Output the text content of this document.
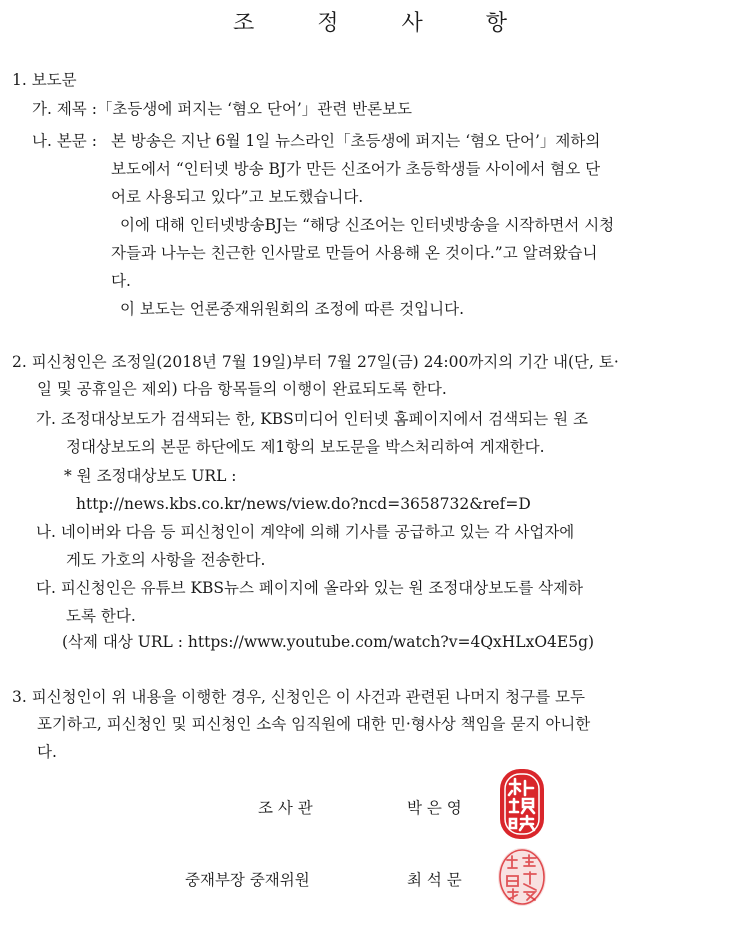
조 정 사 항
1. 보도문
가. 제목 :「초등생에 퍼지는 ‘혐오 단어’」관련 반론보도
나. 본문 : 본 방송은 지난 6월 1일 뉴스라인「초등생에 퍼지는 ‘혐오 단어’」제하의
보도에서 “인터넷 방송 BJ가 만든 신조어가 초등학생들 사이에서 혐오 단
어로 사용되고 있다”고 보도했습니다.
이에 대해 인터넷방송BJ는 “해당 신조어는 인터넷방송을 시작하면서 시청
자들과 나누는 친근한 인사말로 만들어 사용해 온 것이다.”고 알려왔습니
다.
이 보도는 언론중재위원회의 조정에 따른 것입니다.
2. 피신청인은 조정일(2018년 7월 19일)부터 7월 27일(금) 24:00까지의 기간 내(단, 토·
일 및 공휴일은 제외) 다음 항목들의 이행이 완료되도록 한다.
가. 조정대상보도가 검색되는 한, KBS미디어 인터넷 홈페이지에서 검색되는 원 조
정대상보도의 본문 하단에도 제1항의 보도문을 박스처리하여 게재한다.
* 원 조정대상보도 URL :
http://news.kbs.co.kr/news/view.do?ncd=3658732&ref=D
나. 네이버와 다음 등 피신청인이 계약에 의해 기사를 공급하고 있는 각 사업자에
게도 가호의 사항을 전송한다.
다. 피신청인은 유튜브 KBS뉴스 페이지에 올라와 있는 원 조정대상보도를 삭제하
도록 한다.
(삭제 대상 URL : https://www.youtube.com/watch?v=4QxHLxO4E5g)
3. 피신청인이 위 내용을 이행한 경우, 신청인은 이 사건과 관련된 나머지 청구를 모두
포기하고, 피신청인 및 피신청인 소속 임직원에 대한 민·형사상 책임을 묻지 아니한
다.
조 사 관	박 은 영
중재부장 중재위원	최 석 문
